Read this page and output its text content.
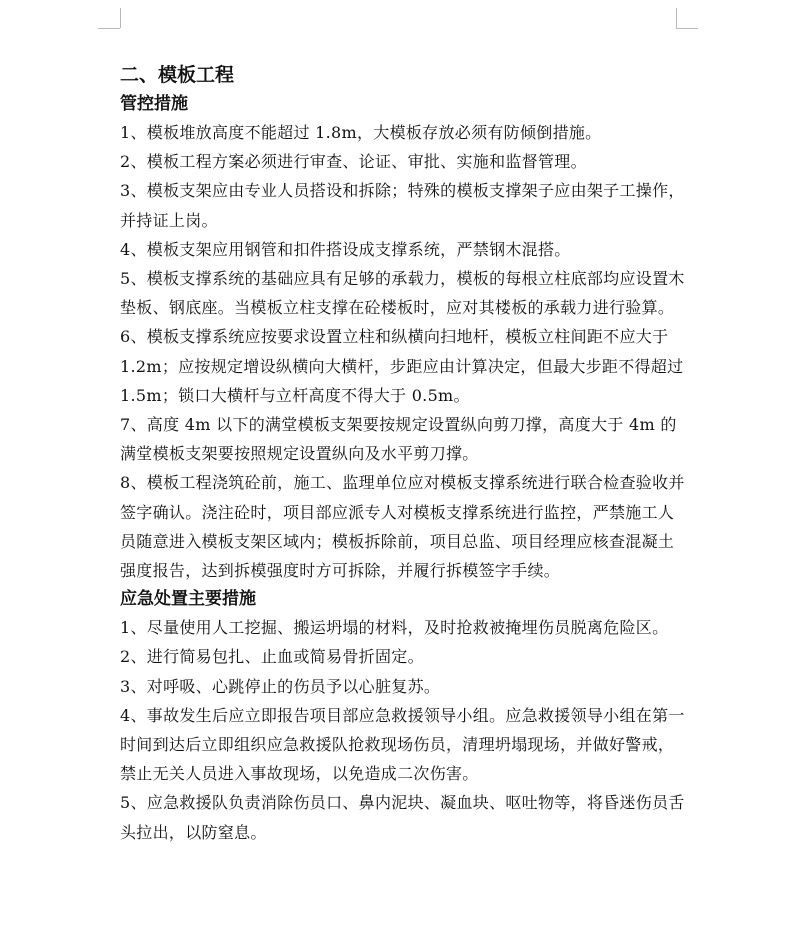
二、模板工程

管控措施

1、模板堆放高度不能超过 1.8m，大模板存放必须有防倾倒措施。

2、模板工程方案必须进行审查、论证、审批、实施和监督管理。

3、模板支架应由专业人员搭设和拆除；特殊的模板支撑架子应由架子工操作，并持证上岗。

4、模板支架应用钢管和扣件搭设成支撑系统，严禁钢木混搭。

5、模板支撑系统的基础应具有足够的承载力，模板的每根立柱底部均应设置木垫板、钢底座。当模板立柱支撑在砼楼板时，应对其楼板的承载力进行验算。

6、模板支撑系统应按要求设置立柱和纵横向扫地杆，模板立柱间距不应大于 1.2m；应按规定增设纵横向大横杆，步距应由计算决定，但最大步距不得超过 1.5m；锁口大横杆与立杆高度不得大于 0.5m。

7、高度 4m 以下的满堂模板支架要按规定设置纵向剪刀撑，高度大于 4m 的满堂模板支架要按照规定设置纵向及水平剪刀撑。

8、模板工程浇筑砼前，施工、监理单位应对模板支撑系统进行联合检查验收并签字确认。浇注砼时，项目部应派专人对模板支撑系统进行监控，严禁施工人员随意进入模板支架区域内；模板拆除前，项目总监、项目经理应核查混凝土强度报告，达到拆模强度时方可拆除，并履行拆模签字手续。

应急处置主要措施

1、尽量使用人工挖掘、搬运坍塌的材料，及时抢救被掩埋伤员脱离危险区。

2、进行简易包扎、止血或简易骨折固定。

3、对呼吸、心跳停止的伤员予以心脏复苏。

4、事故发生后应立即报告项目部应急救援领导小组。应急救援领导小组在第一时间到达后立即组织应急救援队抢救现场伤员，清理坍塌现场，并做好警戒，禁止无关人员进入事故现场，以免造成二次伤害。

5、应急救援队负责消除伤员口、鼻内泥块、凝血块、呕吐物等，将昏迷伤员舌头拉出，以防窒息。
